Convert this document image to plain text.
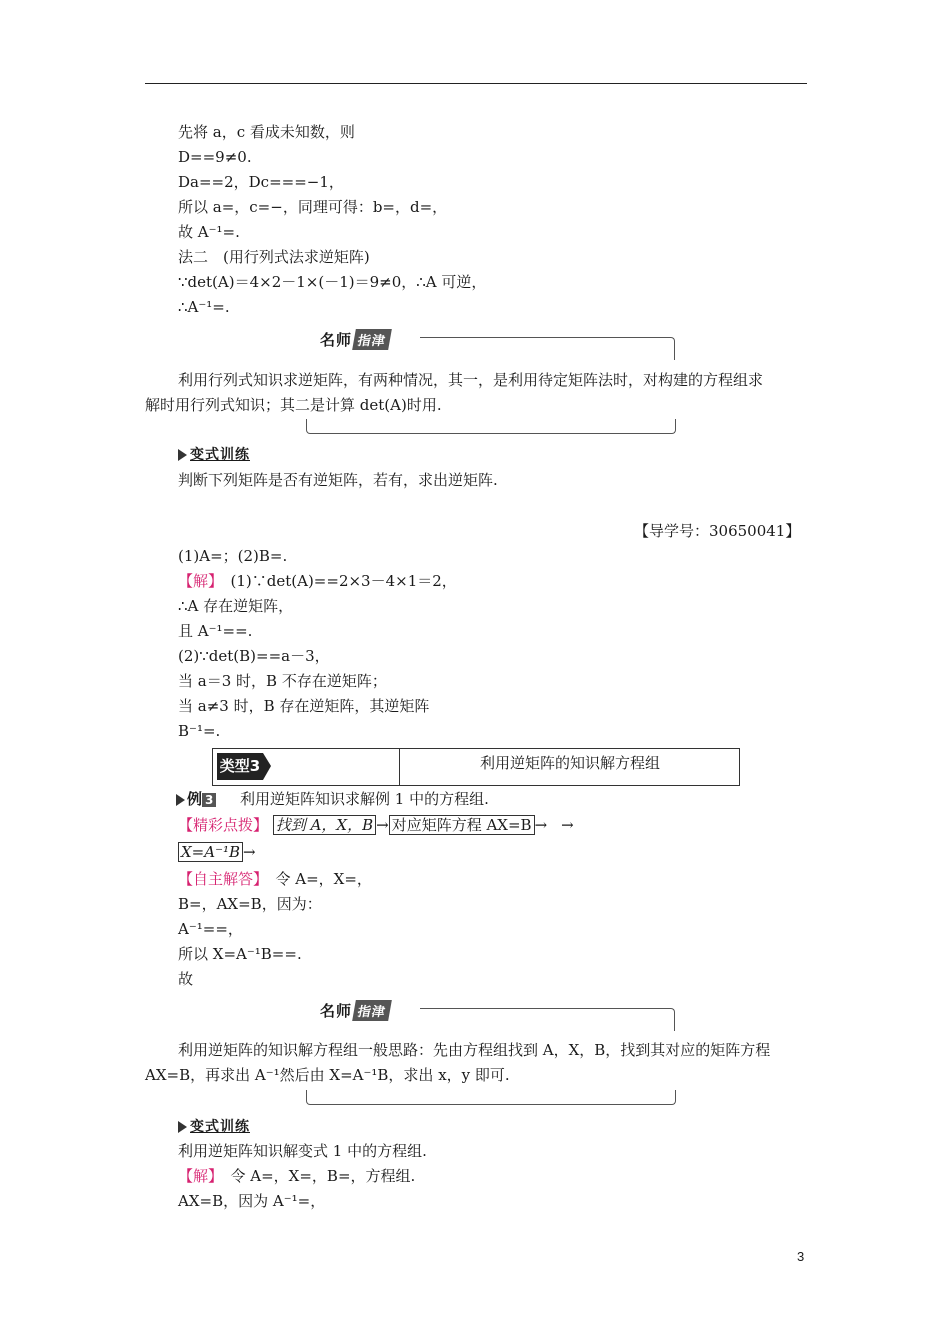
先将 a，c 看成未知数，则
D==9≠0.
Da==2，Dc===−1，
所以 a=，c=−，同理可得：b=，d=，
故 A⁻¹=.
法二　(用行列式法求逆矩阵)
∵det(A)＝4×2－1×(－1)＝9≠0，∴A 可逆，
∴A⁻¹=.
名师 指津
利用行列式知识求逆矩阵，有两种情况，其一，是利用待定矩阵法时，对构建的方程组求
解时用行列式知识；其二是计算 det(A)时用.
变式训练
判断下列矩阵是否有逆矩阵，若有，求出逆矩阵.
【导学号：30650041】
(1)A=；(2)B=.
【解】　(1)∵det(A)==2×3－4×1＝2，
∴A 存在逆矩阵，
且 A⁻¹==.
(2)∵det(B)==a－3，
当 a＝3 时，B 不存在逆矩阵；
当 a≠3 时，B 存在逆矩阵，其逆矩阵
B⁻¹=.
类型3	利用逆矩阵的知识解方程组
例 3 利用逆矩阵知识求解例 1 中的方程组.
【精彩点拨】 找到 A，X，B → 对应矩阵方程 AX=B → →
X=A⁻¹B →
【自主解答】　令 A=，X=，
B=，AX=B，因为：
A⁻¹==，
所以 X=A⁻¹B==.
故
名师 指津
利用逆矩阵的知识解方程组一般思路：先由方程组找到 A，X，B，找到其对应的矩阵方程
AX=B，再求出 A⁻¹然后由 X=A⁻¹B，求出 x，y 即可.
变式训练
利用逆矩阵知识解变式 1 中的方程组.
【解】　令 A=，X=，B=，方程组.
AX=B，因为 A⁻¹=，
3
